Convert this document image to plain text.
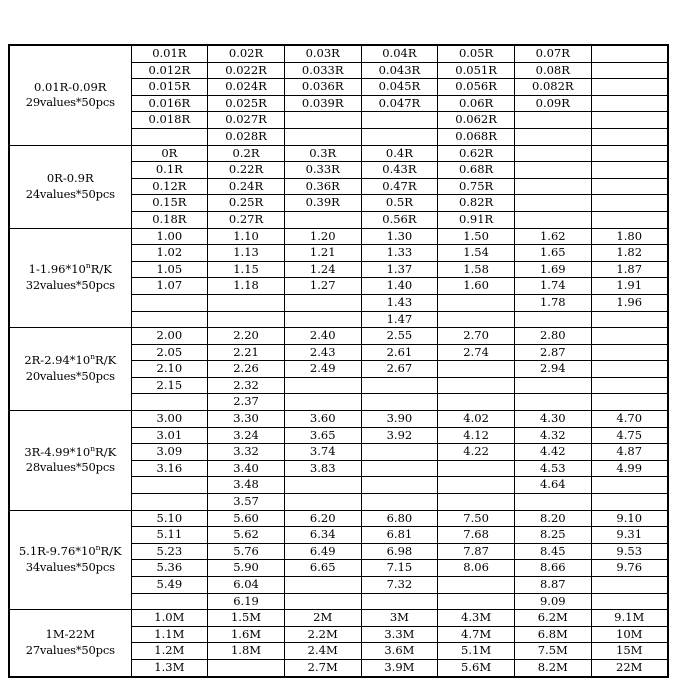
0.01R-0.09R
29values*50pcs	0.01R	0.02R	0.03R	0.04R	0.05R	0.07R	
	0.012R	0.022R	0.033R	0.043R	0.051R	0.08R	
	0.015R	0.024R	0.036R	0.045R	0.056R	0.082R	
	0.016R	0.025R	0.039R	0.047R	0.06R	0.09R	
	0.018R	0.027R			0.062R		
		0.028R			0.068R		

0R-0.9R
24values*50pcs	0R	0.2R	0.3R	0.4R	0.62R		
	0.1R	0.22R	0.33R	0.43R	0.68R		
	0.12R	0.24R	0.36R	0.47R	0.75R		
	0.15R	0.25R	0.39R	0.5R	0.82R		
	0.18R	0.27R		0.56R	0.91R		

1-1.96*10$^n$R/K
32values*50pcs	1.00	1.10	1.20	1.30	1.50	1.62	1.80
	1.02	1.13	1.21	1.33	1.54	1.65	1.82
	1.05	1.15	1.24	1.37	1.58	1.69	1.87
	1.07	1.18	1.27	1.40	1.60	1.74	1.91
				1.43		1.78	1.96
				1.47			

2R-2.94*10$^n$R/K
20values*50pcs	2.00	2.20	2.40	2.55	2.70	2.80	
	2.05	2.21	2.43	2.61	2.74	2.87	
	2.10	2.26	2.49	2.67		2.94	
	2.15	2.32					
		2.37					

3R-4.99*10$^n$R/K
28values*50pcs	3.00	3.30	3.60	3.90	4.02	4.30	4.70
	3.01	3.24	3.65	3.92	4.12	4.32	4.75
	3.09	3.32	3.74		4.22	4.42	4.87
	3.16	3.40	3.83			4.53	4.99
		3.48				4.64	
		3.57					

5.1R-9.76*10$^n$R/K
34values*50pcs	5.10	5.60	6.20	6.80	7.50	8.20	9.10
	5.11	5.62	6.34	6.81	7.68	8.25	9.31
	5.23	5.76	6.49	6.98	7.87	8.45	9.53
	5.36	5.90	6.65	7.15	8.06	8.66	9.76
	5.49	6.04		7.32		8.87	
		6.19				9.09	

1M-22M
27values*50pcs	1.0M	1.5M	2M	3M	4.3M	6.2M	9.1M
	1.1M	1.6M	2.2M	3.3M	4.7M	6.8M	10M
	1.2M	1.8M	2.4M	3.6M	5.1M	7.5M	15M
	1.3M		2.7M	3.9M	5.6M	8.2M	22M
